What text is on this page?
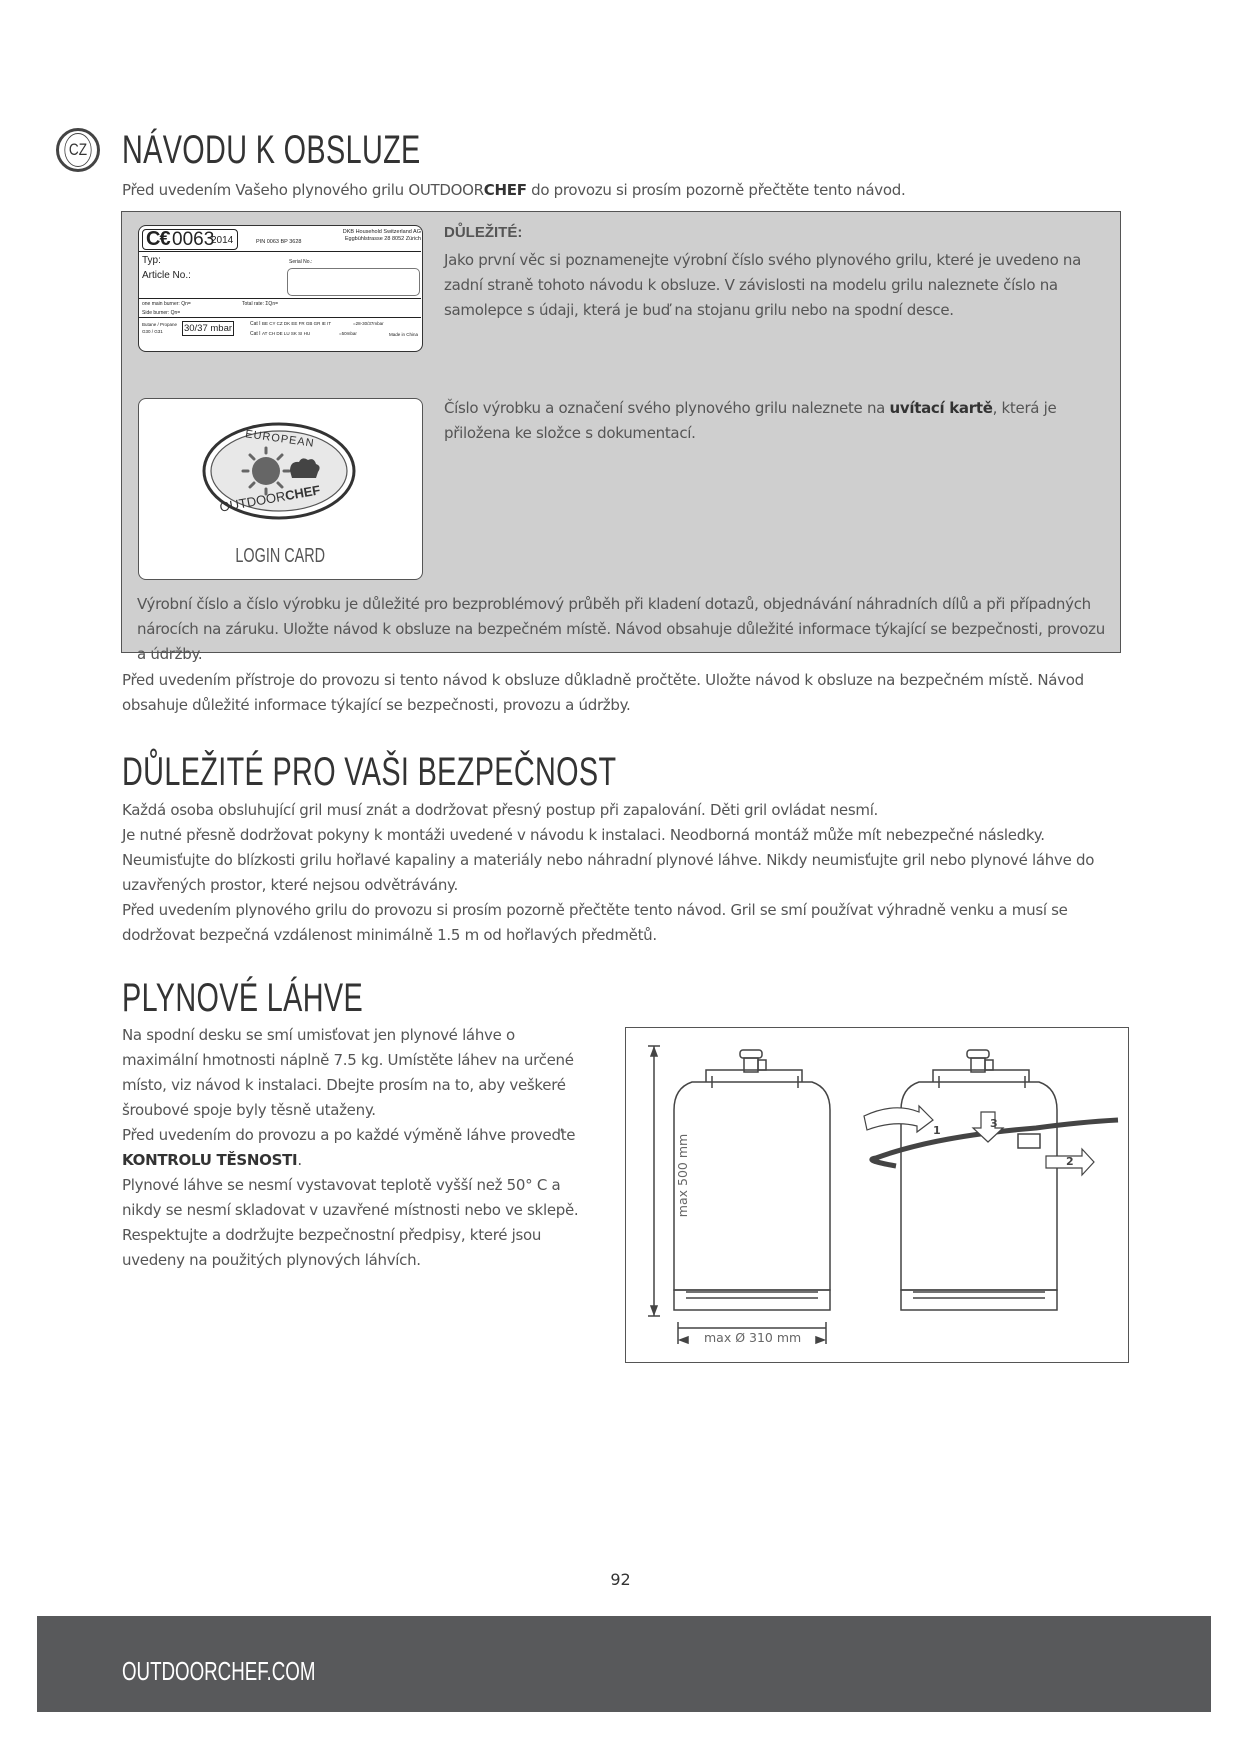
CZ NÁVODU K OBSLUZE
Před uvedením Vašeho plynového grilu OUTDOORCHEF do provozu si prosím pozorně přečtěte tento návod.
C€ 0063
2014	PIN 0063 BP 3628
DKB Household Switzerland AG
Eggbühlstrasse 28 8052 Zürich
Typ:
Article No.:
Serial No.:
one main burner: Qn=
Side burner: Qn=
Total rate: ΣQn=
Butane / Propane
G30 / G31 30/37 mbar	Cat I BE CY CZ DK EE FR GB GR IE IT	=28-30/37mbar
Cat I AT CH DE LU SK SI HU	=50mbar	Made in China
DŮLEŽITÉ:
Jako první věc si poznamenejte výrobní číslo svého plynového grilu, které je uvedeno na zadní straně tohoto návodu k obsluze. V závislosti na modelu grilu naleznete číslo na samolepce s údaji, která je buď na stojanu grilu nebo na spodní desce.
EUROPEAN
OUTDOORCHEF
LOGIN CARD
Číslo výrobku a označení svého plynového grilu naleznete na uvítací kartě, která je přiložena ke složce s dokumentací.
Výrobní číslo a číslo výrobku je důležité pro bezproblémový průběh při kladení dotazů, objednávání náhradních dílů a při případných nárocích na záruku. Uložte návod k obsluze na bezpečném místě. Návod obsahuje důležité informace týkající se bezpečnosti, provozu a údržby.
Před uvedením přístroje do provozu si tento návod k obsluze důkladně pročtěte. Uložte návod k obsluze na bezpečném místě. Návod obsahuje důležité informace týkající se bezpečnosti, provozu a údržby.
DŮLEŽITÉ PRO VAŠI BEZPEČNOST

Každá osoba obsluhující gril musí znát a dodržovat přesný postup při zapalování. Děti gril ovládat nesmí.

Je nutné přesně dodržovat pokyny k montáži uvedené v návodu k instalaci. Neodborná montáž může mít nebezpečné následky.

Neumisťujte do blízkosti grilu hořlavé kapaliny a materiály nebo náhradní plynové láhve. Nikdy neumisťujte gril nebo plynové láhve do uzavřených prostor, které nejsou odvětrávány.

Před uvedením plynového grilu do provozu si prosím pozorně přečtěte tento návod. Gril se smí používat výhradně venku a musí se dodržovat bezpečná vzdálenost minimálně 1.5 m od hořlavých předmětů.

PLYNOVÉ LÁHVE

Na spodní desku se smí umisťovat jen plynové láhve o maximální hmotnosti náplně 7.5 kg. Umístěte láhev na určené místo, viz návod k instalaci. Dbejte prosím na to, aby veškeré šroubové spoje byly těsně utaženy.

Před uvedením do provozu a po každé výměně láhve proveďte KONTROLU TĚSNOSTI.

Plynové láhve se nesmí vystavovat teplotě vyšší než 50° C a nikdy se nesmí skladovat v uzavřené místnosti nebo ve sklepě. Respektujte a dodržujte bezpečnostní předpisy, které jsou uvedeny na použitých plynových láhvích.

max 500 mm
max Ø 310 mm
1
2
3
92
OUTDOORCHEF.COM
